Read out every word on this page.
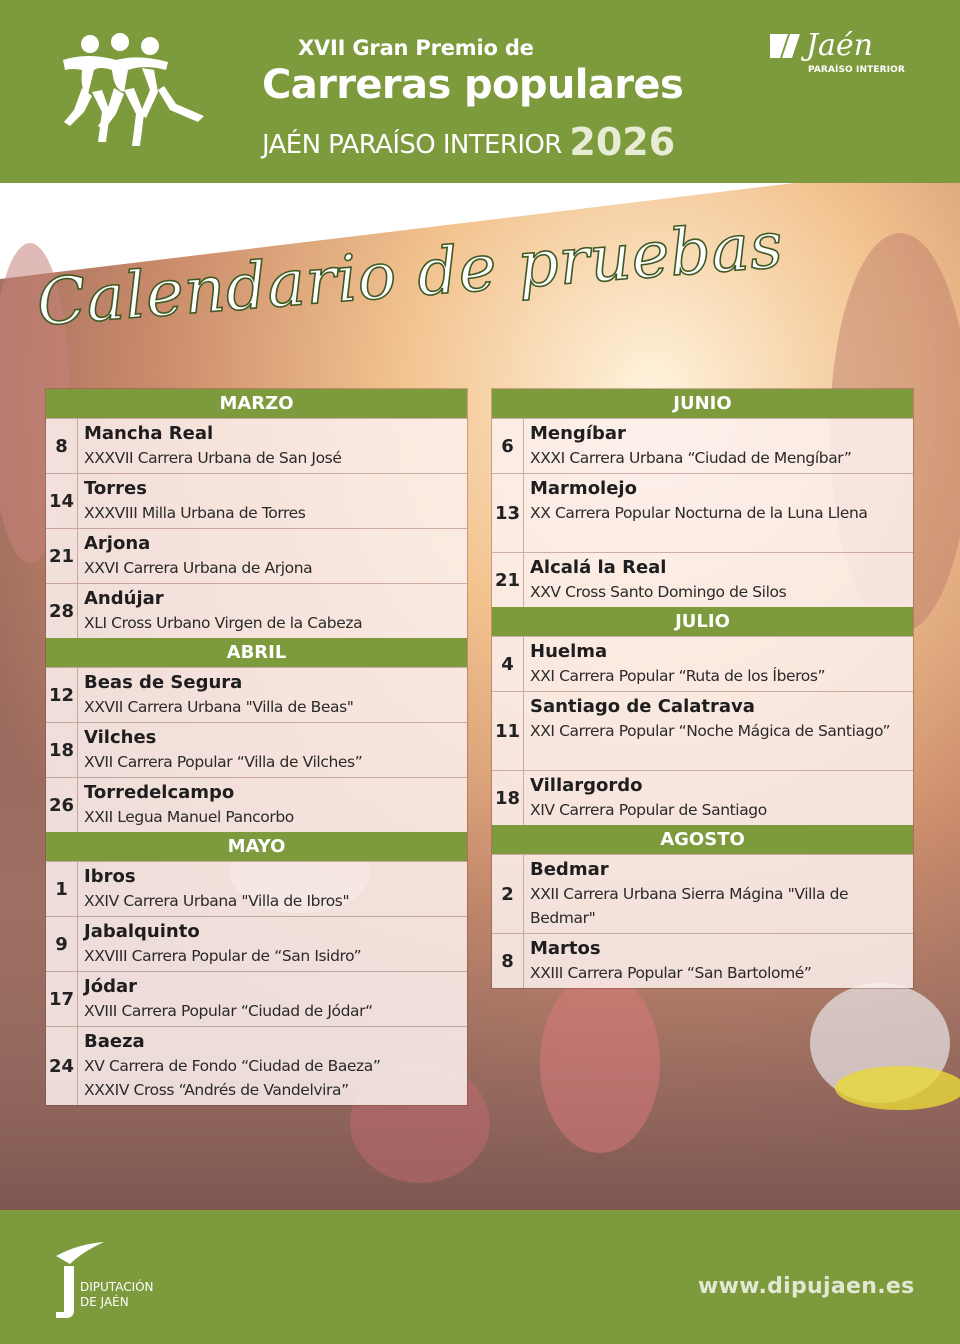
XVII Gran Premio de
Carreras populares
JAÉN PARAÍSO INTERIOR 2026
Jaén
PARAÍSO INTERIOR
Calendario de pruebas
MARZO
8
Mancha Real
XXXVII Carrera Urbana de San José
14
Torres
XXXVIII Milla Urbana de Torres
21
Arjona
XXVI Carrera Urbana de Arjona
28
Andújar
XLI Cross Urbano Virgen de la Cabeza
ABRIL
12
Beas de Segura
XXVII Carrera Urbana "Villa de Beas"
18
Vilches
XVII Carrera Popular “Villa de Vilches”
26
Torredelcampo
XXII Legua Manuel Pancorbo
MAYO
1
Ibros
XXIV Carrera Urbana "Villa de Ibros"
9
Jabalquinto
XXVIII Carrera Popular de “San Isidro”
17
Jódar
XVIII Carrera Popular “Ciudad de Jódar“
24
Baeza
XV Carrera de Fondo “Ciudad de Baeza”
XXXIV Cross “Andrés de Vandelvira”
JUNIO
6
Mengíbar
XXXI Carrera Urbana “Ciudad de Mengíbar”
13
Marmolejo
XX Carrera Popular Nocturna de la Luna Llena
21
Alcalá la Real
XXV Cross Santo Domingo de Silos
JULIO
4
Huelma
XXI Carrera Popular “Ruta de los Íberos”
11
Santiago de Calatrava
XXI Carrera Popular “Noche Mágica de Santiago”
18
Villargordo
XIV Carrera Popular de Santiago
AGOSTO
2
Bedmar
XXII Carrera Urbana Sierra Mágina "Villa de Bedmar"
8
Martos
XXIII Carrera Popular “San Bartolomé”
DIPUTACIÓN
DE JAÉN
www.dipujaen.es
